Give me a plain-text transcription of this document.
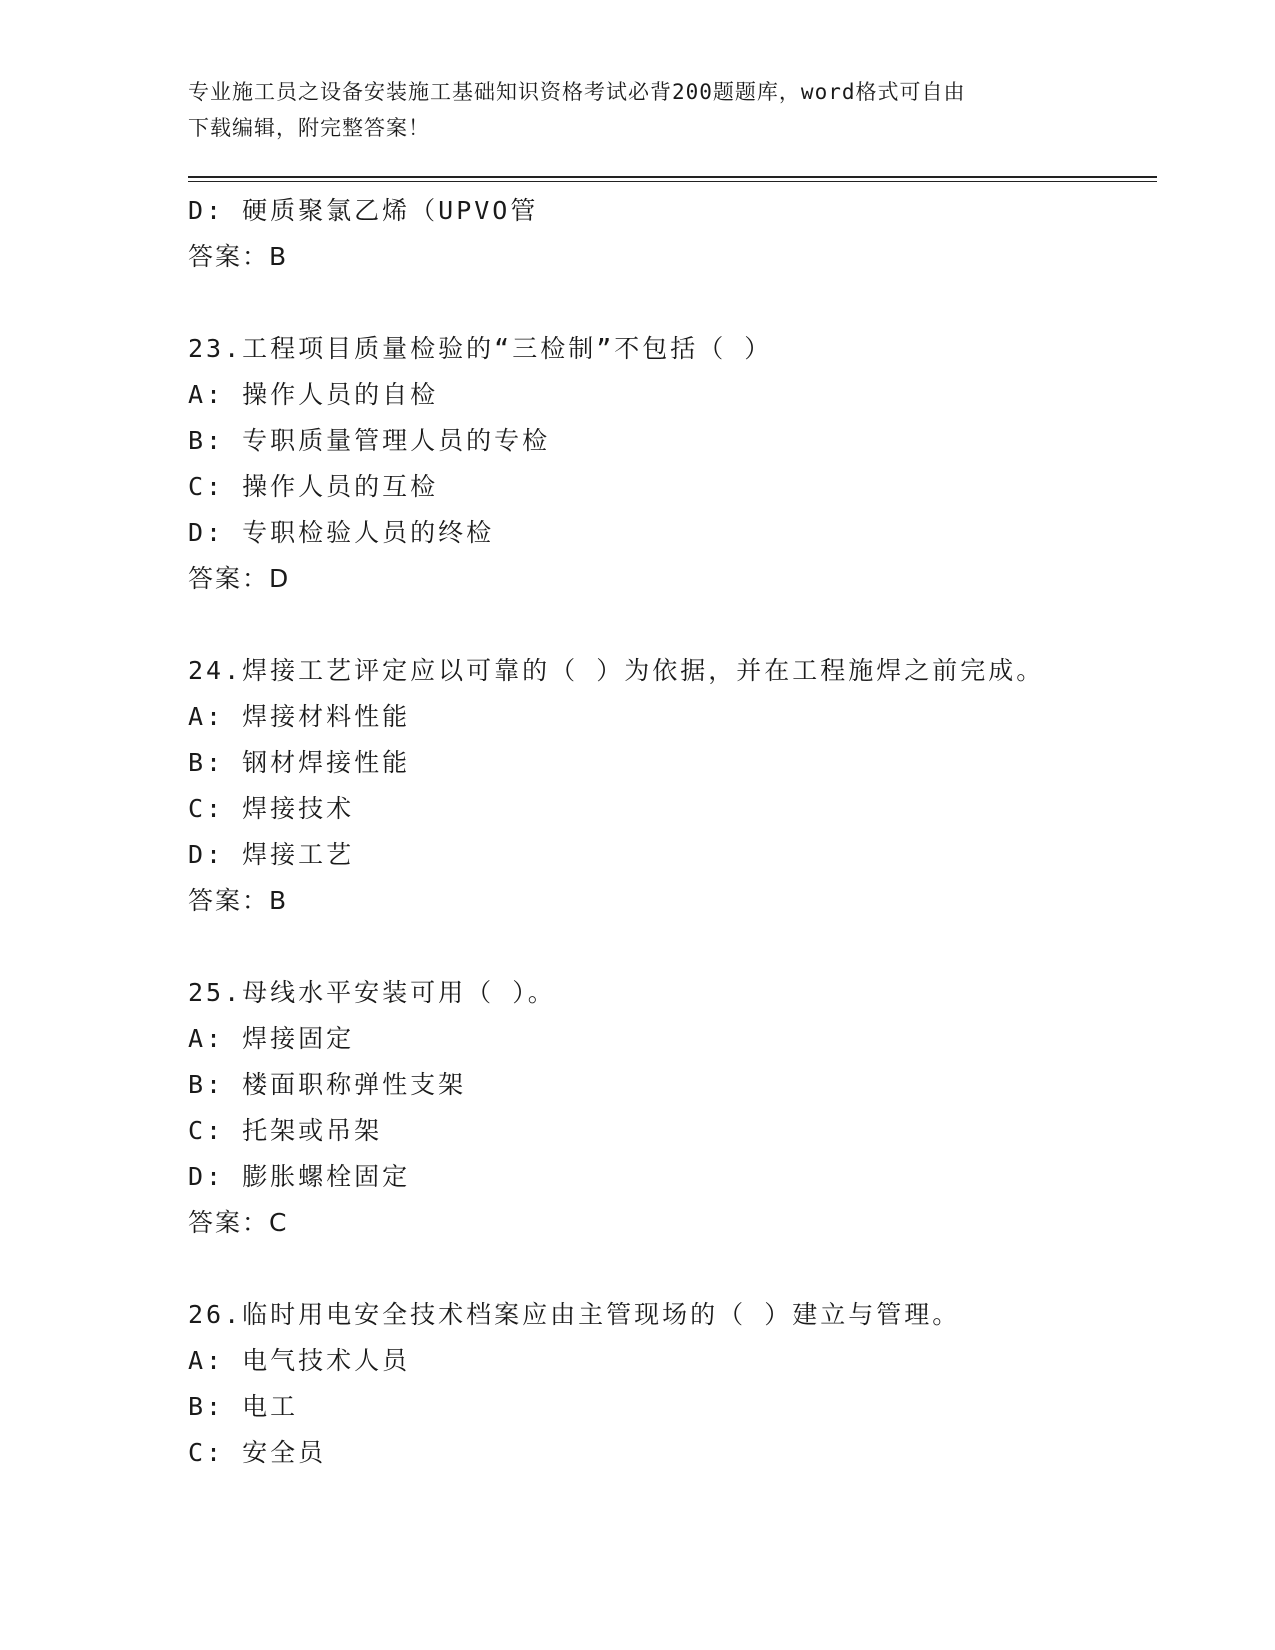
专业施工员之设备安装施工基础知识资格考试必背200题题库，word格式可自由
下载编辑，附完整答案！
D: 硬质聚氯乙烯（UPVO管
答案：B
23.工程项目质量检验的“三检制”不包括（ ）
A: 操作人员的自检
B: 专职质量管理人员的专检
C: 操作人员的互检
D: 专职检验人员的终检
答案：D
24.焊接工艺评定应以可靠的（ ）为依据，并在工程施焊之前完成。
A: 焊接材料性能
B: 钢材焊接性能
C: 焊接技术
D: 焊接工艺
答案：B
25.母线水平安装可用（ ）。
A: 焊接固定
B: 楼面职称弹性支架
C: 托架或吊架
D: 膨胀螺栓固定
答案：C
26.临时用电安全技术档案应由主管现场的（ ）建立与管理。
A: 电气技术人员
B: 电工
C: 安全员
